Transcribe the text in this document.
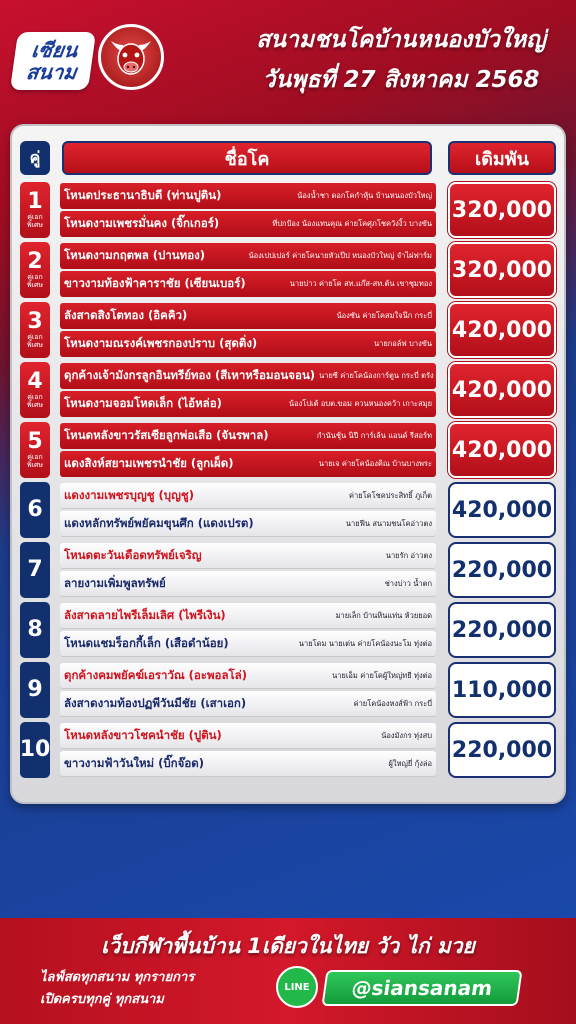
เซียน สนาม
สนามชนโคบ้านหนองบัวใหญ่
วันพุธที่ 27 สิงหาคม 2568
คู่	ชื่อโค	เดิมพัน
1
คู่เอก พิเศษ
โหนดประธานาธิบดี (ท่านปูติน)	น้องน้ำชา ดอกโคกำหุ้น บ้านหนองบัวใหญ่
โหนดงามเพชรมั่นคง (จิ๊กเกอร์)	ที่ปกป้อง น้องแทนคุณ ค่ายโคศุภโชควังงิ้ว บางขัน
320,000
2
คู่เอก พิเศษ
โหนดงามกฤตพล (ปานทอง)	น้องเปปเปอร์ ค่ายโคนายหัวเป๊ป หนองบัวใหญ่ จำไผ่ฟาร์ม
ขาวงามท้องฟ้าคาราชัย (เซียนเบอร์)	นายบ่าว ค่ายโค สท.แก๊ส-สท.ต้น เขาชุมทอง
320,000
3
คู่เอก พิเศษ
ลังสาดสิงโตทอง (อิคคิว)	น้องซัน ค่ายโคสมใจนึก กระบี่
โหนดงามณรงค์เพชรกองปราบ (สุดติ่ง)	นายกอล์ฟ บางขัน
420,000
4
คู่เอก พิเศษ
ดุกค้างเจ้ามังกรลูกอินทรีย์ทอง (สีเหาหรือมอนจอน) นายซี ค่ายโคน้องการ์ตูน กระบี่ ตรัง
โหนดงามจอมโหดเล็ก (ไอ้หล่อ)	น้องโปเต้ อบต.ขอม ควนหนองคว้า เกาะสมุย
420,000
5
คู่เอก พิเศษ
โหนดหลังขาวรัสเซียลูกพ่อเสือ (จันรพาล)	กำนันชุ้น นิปี การ์เล้น แอนด์ รีสอร์ท
แดงสิงห์สยามเพชรนำชัย (ลูกเผ็ด)	นายเจ ค่ายโคน้องคิณ บ้านบางพระ
420,000
6
แดงงามเพชรบุญชู (บุญชู)	ค่ายโคโชคประสิทธิ์ ภูเก็ต
แดงหลักทรัพย์พยัคมขุนศึก (แดงเปรต)	นายฟีน สนามชนโคอ่าวตง
420,000
7
โหนดตะวันเดือดทรัพย์เจริญ	นายรัก อ่าวตง
ลายงามเพิ่มพูลทรัพย์	ช่างบ่าว น้ำตก
220,000
8
ลังสาดลายไพรีเล็มเลิศ (ไพรีเงิน)	มายเล็ก บ้านหินแท่น ห้วยยอด
โหนดแชมร็อกกี้เล็ก (เสือดำน้อย)	นายโดม นายเต่น ค่ายโคน้องนะโม ทุ่งต่อ
220,000
9
ดุกค้างคมพยัคฆ์เอราวัณ (อะพอลโล่)	นายเอ็ม ค่ายโคผู้ใหญ่ทยี ทุ่งต่อ
ลังสาดงามท้องปฏพีวันมีชัย (เสาเอก)	ค่ายโคน้องหงส์ฟ้า กระบี่
110,000
10
โหนดหลังขาวโชคนำชัย (ปูติน)	น้องมังกร ทุ่งสบ
ขาวงามฟ้าวันใหม่ (บิ๊กจ๊อด)	ผู้ใหญ่ยี่ กุ้งล่อ
220,000
เว็บกีฬาพื้นบ้าน 1เดียวในไทย วัว ไก่ มวย
ไลฟ์สดทุกสนาม ทุกรายการ
เปิดครบทุกคู่ ทุกสนาม
LINE	@siansanam
